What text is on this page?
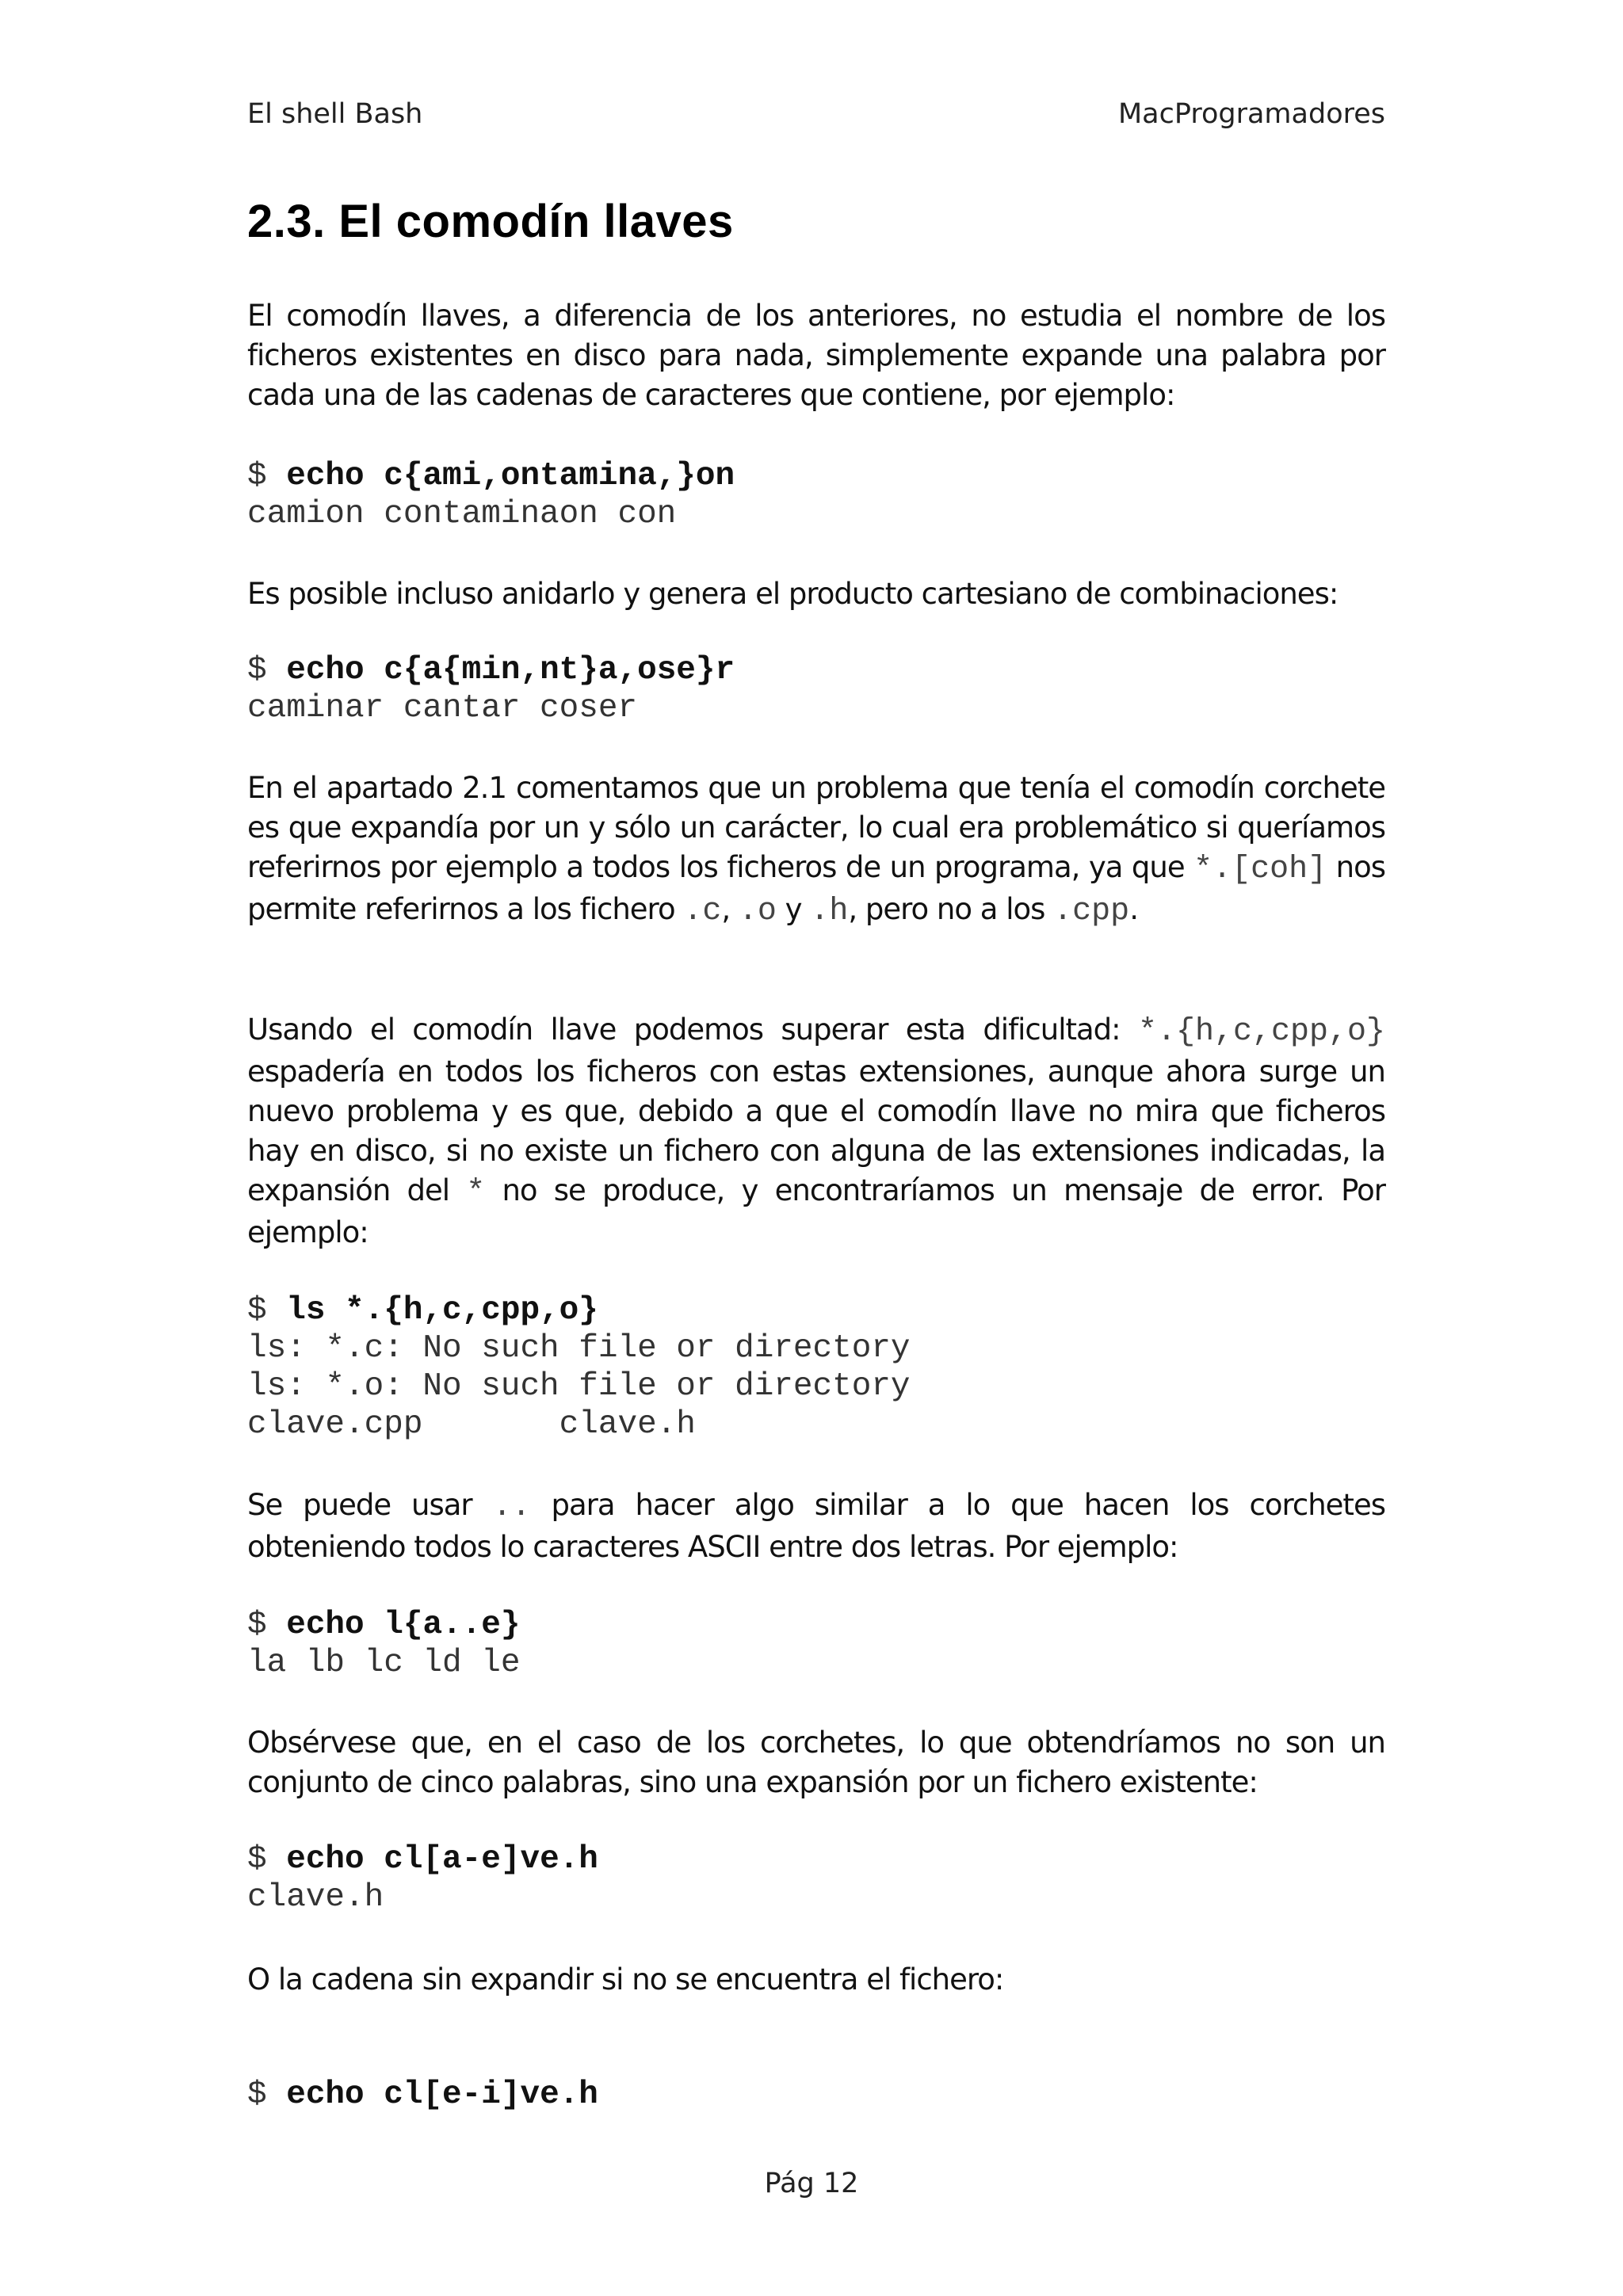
El shell Bash	MacProgramadores
2.3. El comodín llaves

El comodín llaves, a diferencia de los anteriores, no estudia el nombre de los ficheros existentes en disco para nada, simplemente expande una palabra por cada una de las cadenas de caracteres que contiene, por ejemplo:

$ echo c{ami,ontamina,}on
camion contaminaon con

Es posible incluso anidarlo y genera el producto cartesiano de combinaciones:

$ echo c{a{min,nt}a,ose}r
caminar cantar coser

En el apartado 2.1 comentamos que un problema que tenía el comodín corchete es que expandía por un y sólo un carácter, lo cual era problemático si queríamos referirnos por ejemplo a todos los ficheros de un programa, ya que *.[coh] nos permite referirnos a los fichero .c, .o y .h, pero no a los .cpp.

Usando el comodín llave podemos superar esta dificultad: *.{h,c,cpp,o} espadería en todos los ficheros con estas extensiones, aunque ahora surge un nuevo problema y es que, debido a que el comodín llave no mira que ficheros hay en disco, si no existe un fichero con alguna de las extensiones indicadas, la expansión del * no se produce, y encontraríamos un mensaje de error. Por ejemplo:

$ ls *.{h,c,cpp,o}
ls: *.c: No such file or directory
ls: *.o: No such file or directory
clave.cpp       clave.h

Se puede usar .. para hacer algo similar a lo que hacen los corchetes obteniendo todos lo caracteres ASCII entre dos letras. Por ejemplo:

$ echo l{a..e}
la lb lc ld le

Obsérvese que, en el caso de los corchetes, lo que obtendríamos no son un conjunto de cinco palabras, sino una expansión por un fichero existente:

$ echo cl[a-e]ve.h
clave.h

O la cadena sin expandir si no se encuentra el fichero:

$ echo cl[e-i]ve.h
Pág 12
